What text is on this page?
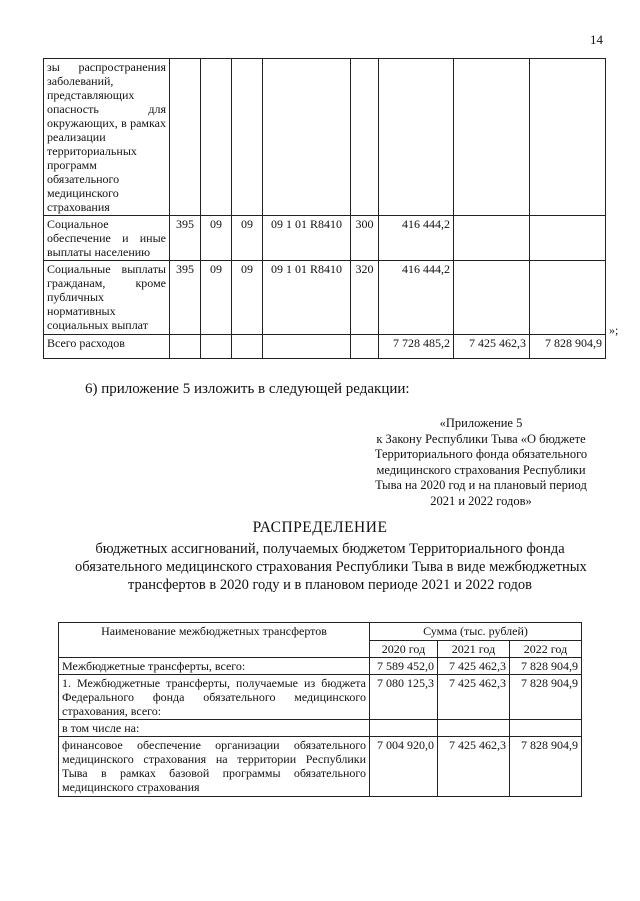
14
зы распространения заболеваний, представляющих опасность для окружающих, в рамках реализации территориальных программ обязательного медицинского страхования								
Социальное обеспечение и иные выплаты населению	395	09	09	09 1 01 R8410	300	416 444,2		
Социальные выплаты гражданам, кроме публичных нормативных социальных выплат	395	09	09	09 1 01 R8410	320	416 444,2		
Всего расходов						7 728 485,2	7 425 462,3	7 828 904,9
»;
6) приложение 5 изложить в следующей редакции:
«Приложение 5
к Закону Республики Тыва «О бюджете
Территориального фонда обязательного
медицинского страхования Республики
Тыва на 2020 год и на плановый период
2021 и 2022 годов»
РАСПРЕДЕЛЕНИЕ
бюджетных ассигнований, получаемых бюджетом Территориального фонда
обязательного медицинского страхования Республики Тыва в виде межбюджетных
трансфертов в 2020 году и в плановом периоде 2021 и 2022 годов
Наименование межбюджетных трансфертов	Сумма (тыс. рублей)		
	2020 год	2021 год	2022 год
Межбюджетные трансферты, всего:	7 589 452,0	7 425 462,3	7 828 904,9
1. Межбюджетные трансферты, получаемые из бюджета Федерального фонда обязательного медицинского страхования, всего:	7 080 125,3	7 425 462,3	7 828 904,9
в том числе на:			
финансовое обеспечение организации обязательного медицинского страхования на территории Республики Тыва в рамках базовой программы обязательного медицинского страхования	7 004 920,0	7 425 462,3	7 828 904,9
